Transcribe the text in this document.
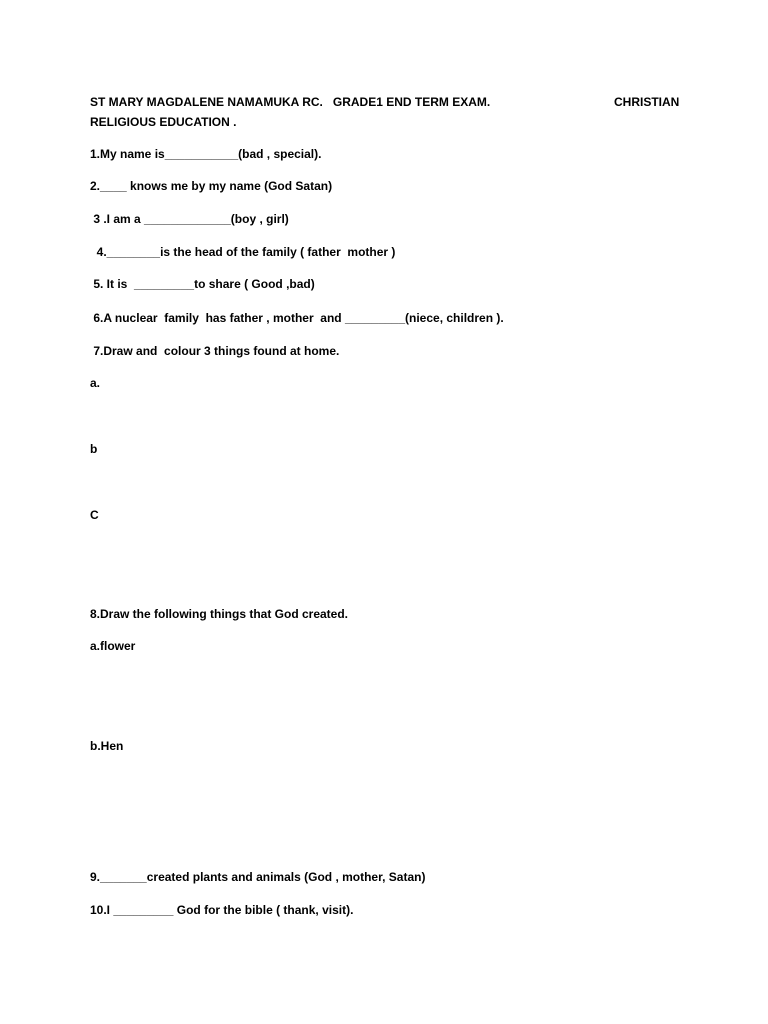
ST MARY MAGDALENE NAMAMUKA RC.   GRADE1 END TERM EXAM.	CHRISTIAN
RELIGIOUS EDUCATION .
1.My name is___________(bad , special).
2.____ knows me by my name (God Satan)
3 .I am a _____________(boy , girl)
4.________is the head of the family ( father  mother )
5. It is  _________to share ( Good ,bad)
6.A nuclear  family  has father , mother  and _________(niece, children ).
7.Draw and  colour 3 things found at home.
a.
b
C
8.Draw the following things that God created.
a.flower
b.Hen
9._______created plants and animals (God , mother, Satan)
10.I _________ God for the bible ( thank, visit).
